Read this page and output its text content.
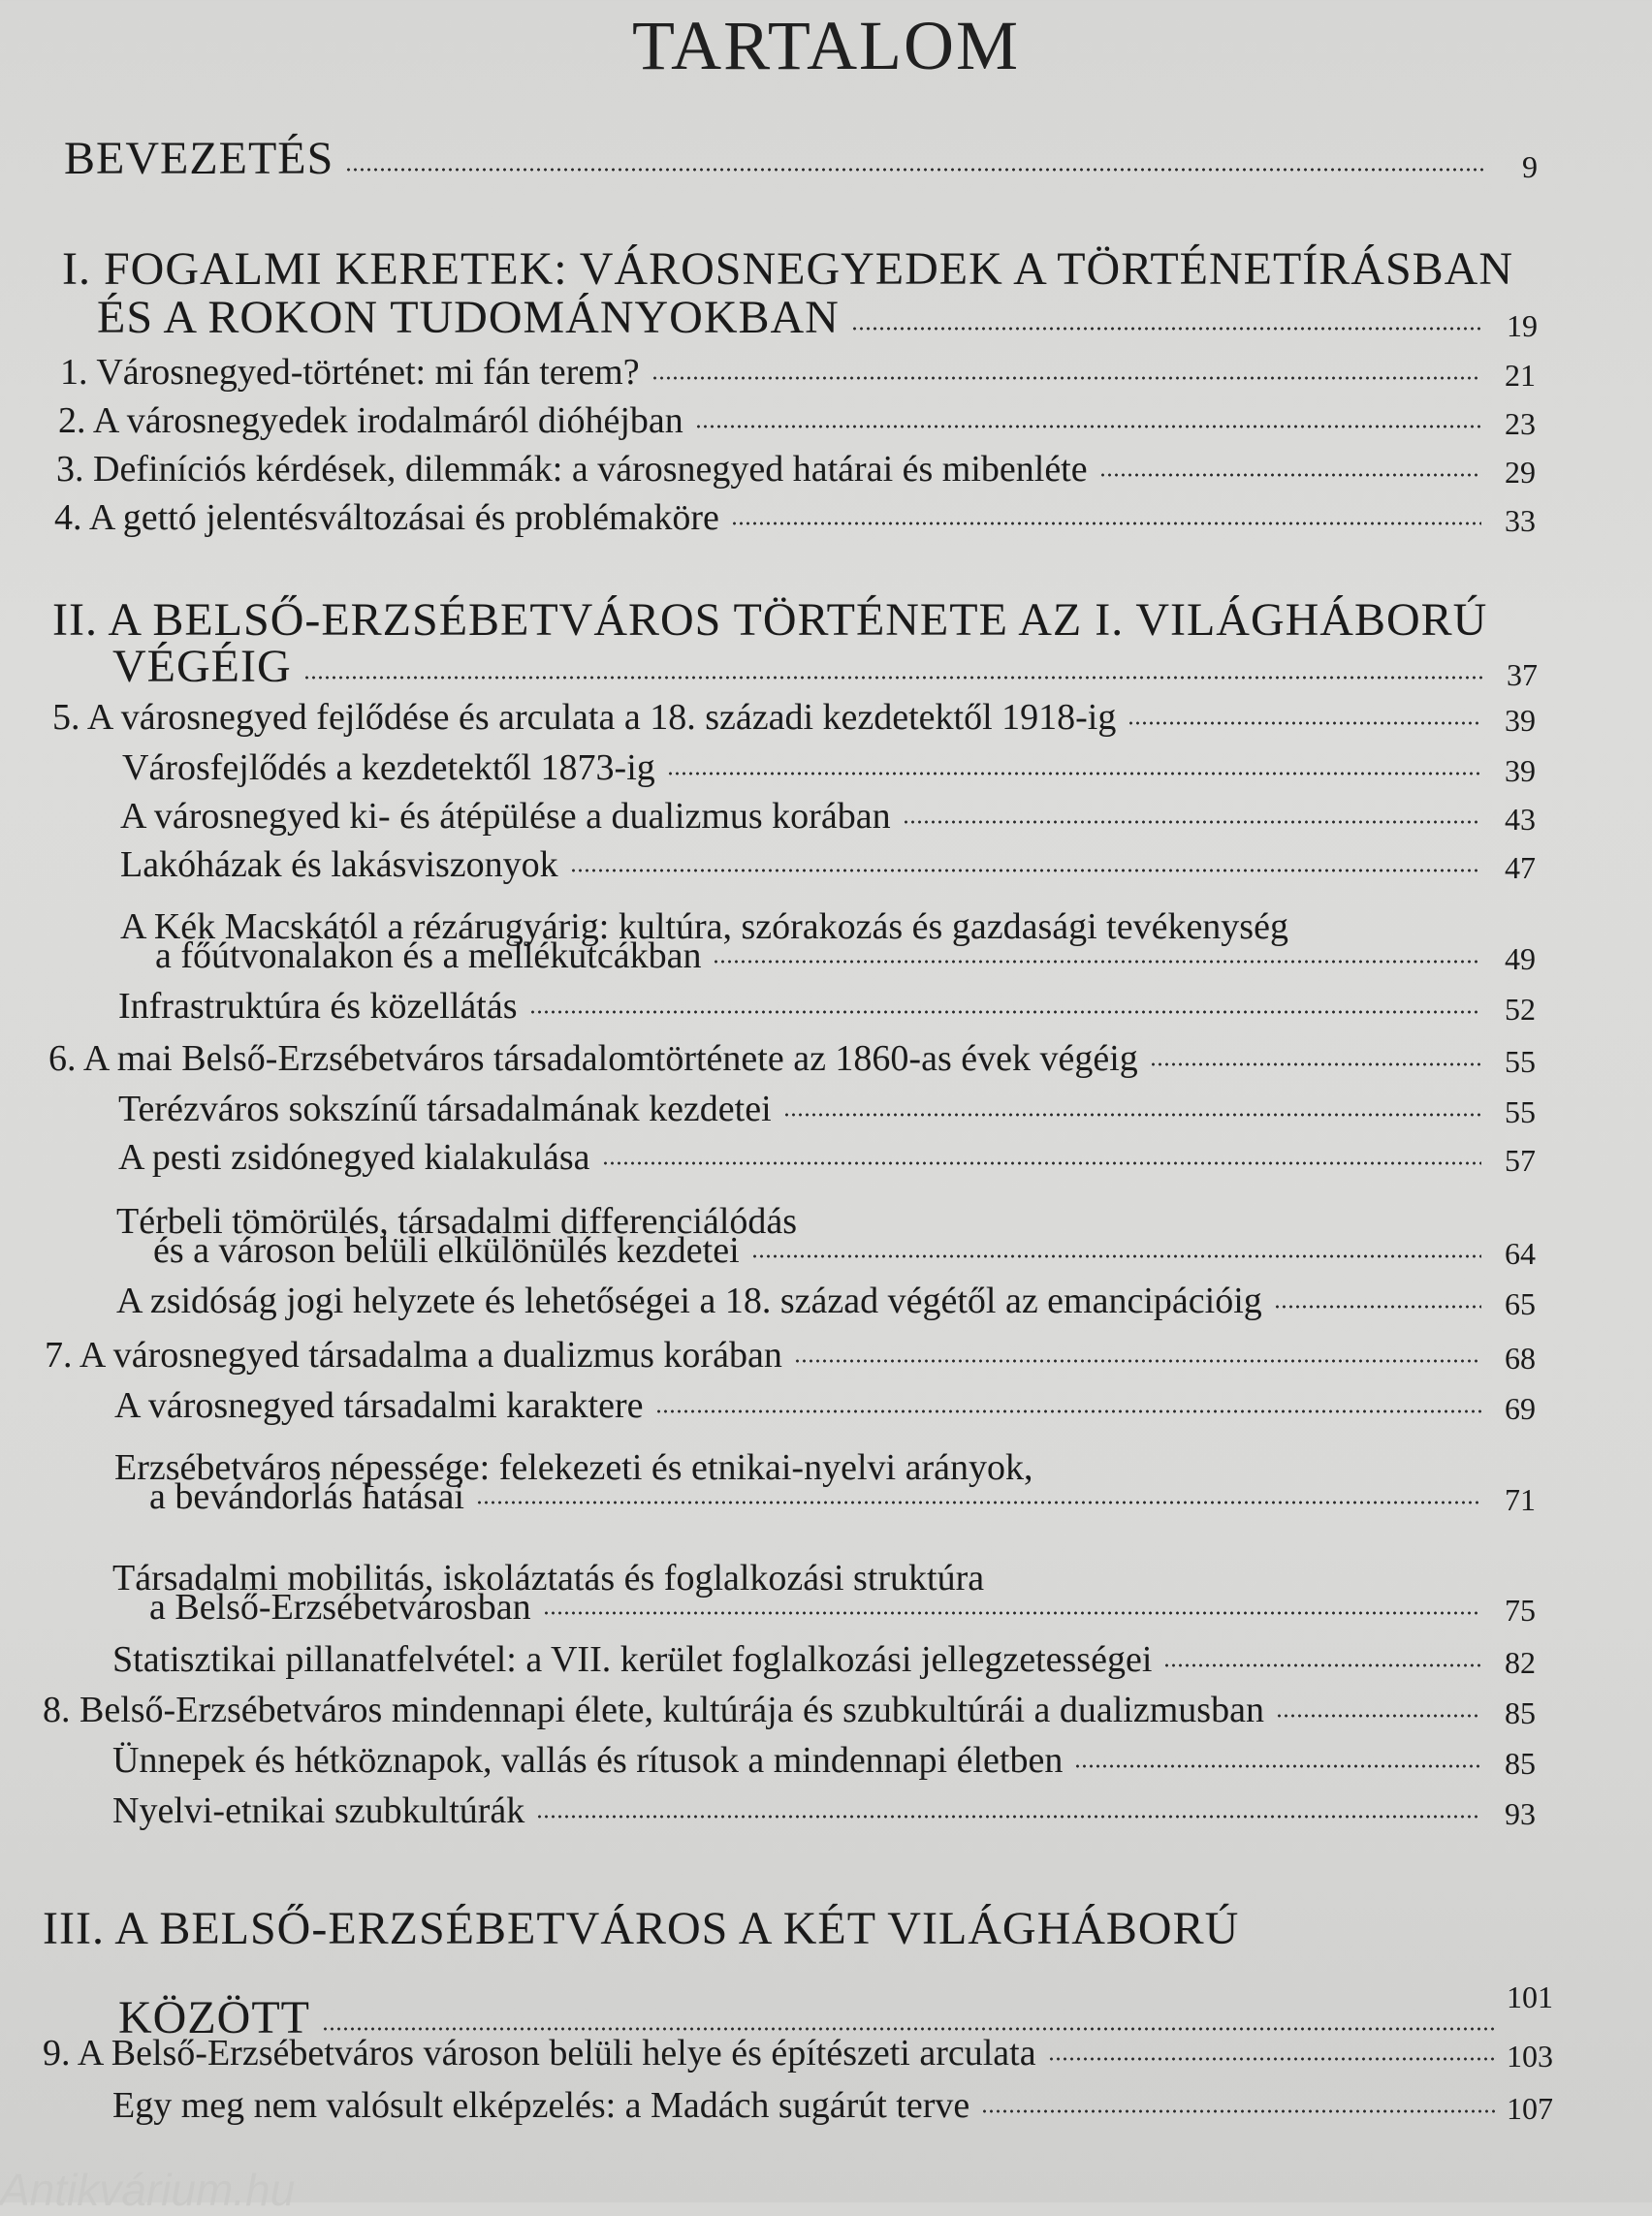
TARTALOM
BEVEZETÉS	9
I. FOGALMI KERETEK: VÁROSNEGYEDEK A TÖRTÉNETÍRÁSBAN
ÉS A ROKON TUDOMÁNYOKBAN	19
1. Városnegyed-történet: mi fán terem?	21
2. A városnegyedek irodalmáról dióhéjban	23
3. Definíciós kérdések, dilemmák: a városnegyed határai és mibenléte	29
4. A gettó jelentésváltozásai és problémaköre	33
II. A BELSŐ-ERZSÉBETVÁROS TÖRTÉNETE AZ I. VILÁGHÁBORÚ
VÉGÉIG	37
5. A városnegyed fejlődése és arculata a 18. századi kezdetektől 1918-ig	39
Városfejlődés a kezdetektől 1873-ig	39
A városnegyed ki- és átépülése a dualizmus korában	43
Lakóházak és lakásviszonyok	47
A Kék Macskától a rézárugyárig: kultúra, szórakozás és gazdasági tevékenység
a főútvonalakon és a mellékutcákban	49
Infrastruktúra és közellátás	52
6. A mai Belső-Erzsébetváros társadalomtörténete az 1860-as évek végéig	55
Terézváros sokszínű társadalmának kezdetei	55
A pesti zsidónegyed kialakulása	57
Térbeli tömörülés, társadalmi differenciálódás
és a városon belüli elkülönülés kezdetei	64
A zsidóság jogi helyzete és lehetőségei a 18. század végétől az emancipációig	65
7. A városnegyed társadalma a dualizmus korában	68
A városnegyed társadalmi karaktere	69
Erzsébetváros népessége: felekezeti és etnikai-nyelvi arányok,
a bevándorlás hatásai	71
Társadalmi mobilitás, iskoláztatás és foglalkozási struktúra
a Belső-Erzsébetvárosban	75
Statisztikai pillanatfelvétel: a VII. kerület foglalkozási jellegzetességei	82
8. Belső-Erzsébetváros mindennapi élete, kultúrája és szubkultúrái a dualizmusban	85
Ünnepek és hétköznapok, vallás és rítusok a mindennapi életben	85
Nyelvi-etnikai szubkultúrák	93
III. A BELSŐ-ERZSÉBETVÁROS A KÉT VILÁGHÁBORÚ
KÖZÖTT	101
9. A Belső-Erzsébetváros városon belüli helye és építészeti arculata	103
Egy meg nem valósult elképzelés: a Madách sugárút terve	107
Antikvárium.hu
